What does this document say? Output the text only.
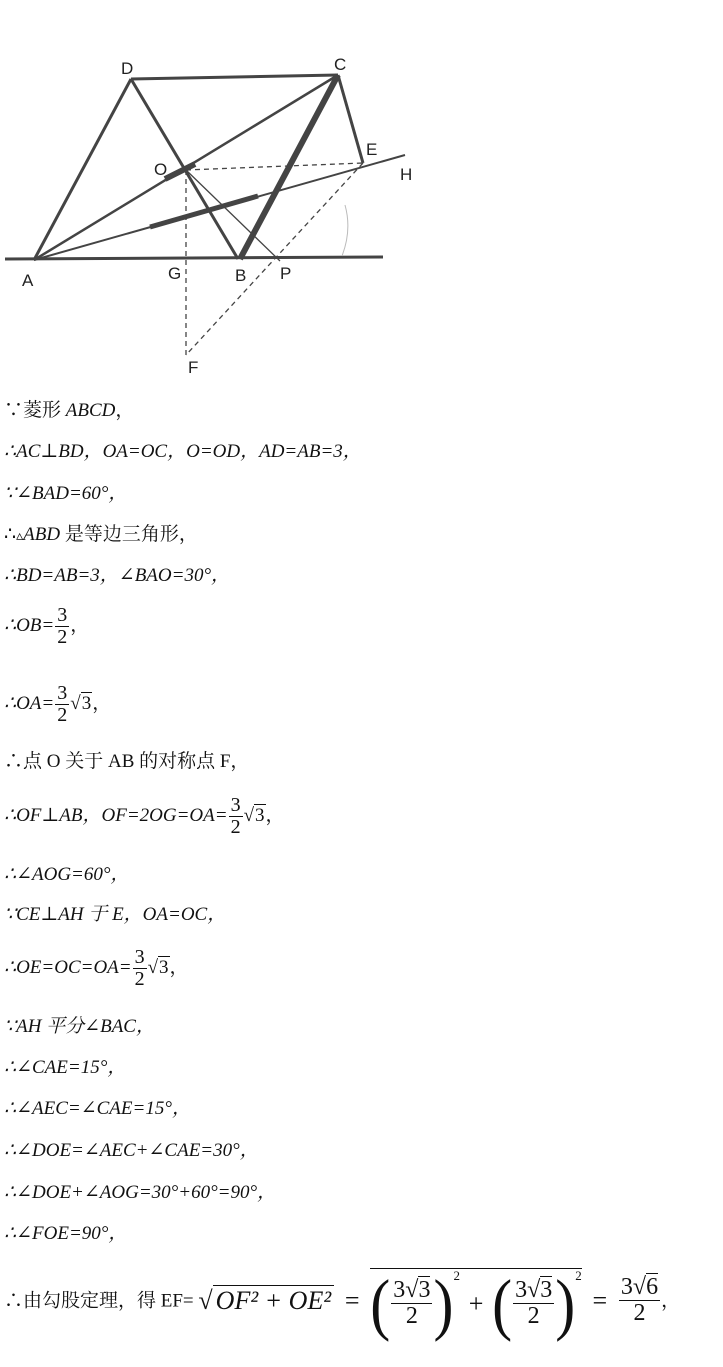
D	C
O
E
H
A	G	B P
F
∵菱形 ABCD，
∴AC⊥BD，OA=OC，O=OD，AD=AB=3，
∵∠BAD=60°，
∴▵ABD 是等边三角形，
∴BD=AB=3，∠BAO=30°，
∴OB= $\frac{3}{2}$ ，
∴OA= $\frac{3}{2} √3$，
∴点 O 关于 AB 的对称点 F，
∴OF⊥AB，$OF=2OG=OA= \frac{3}{2} √3$，
∴∠AOG=60°，
∵CE⊥AH 于 E，OA=OC，
∴OE=OC=OA= $\frac{3}{2} √3$，
∵AH 平分∠BAC，
∴∠CAE=15°，
∴∠AEC=∠CAE=15°，
∴∠DOE=∠AEC+∠CAE=30°，
∴∠DOE+∠AOG=30°+60°=90°，
∴∠FOE=90°，
∴由勾股定理，得 EF= √ OF² + OE² = ( $\frac{3√3}{2} )^2$ + ( $\frac{3√3}{2} )^2 = \frac{3√6}{2}$ ，
